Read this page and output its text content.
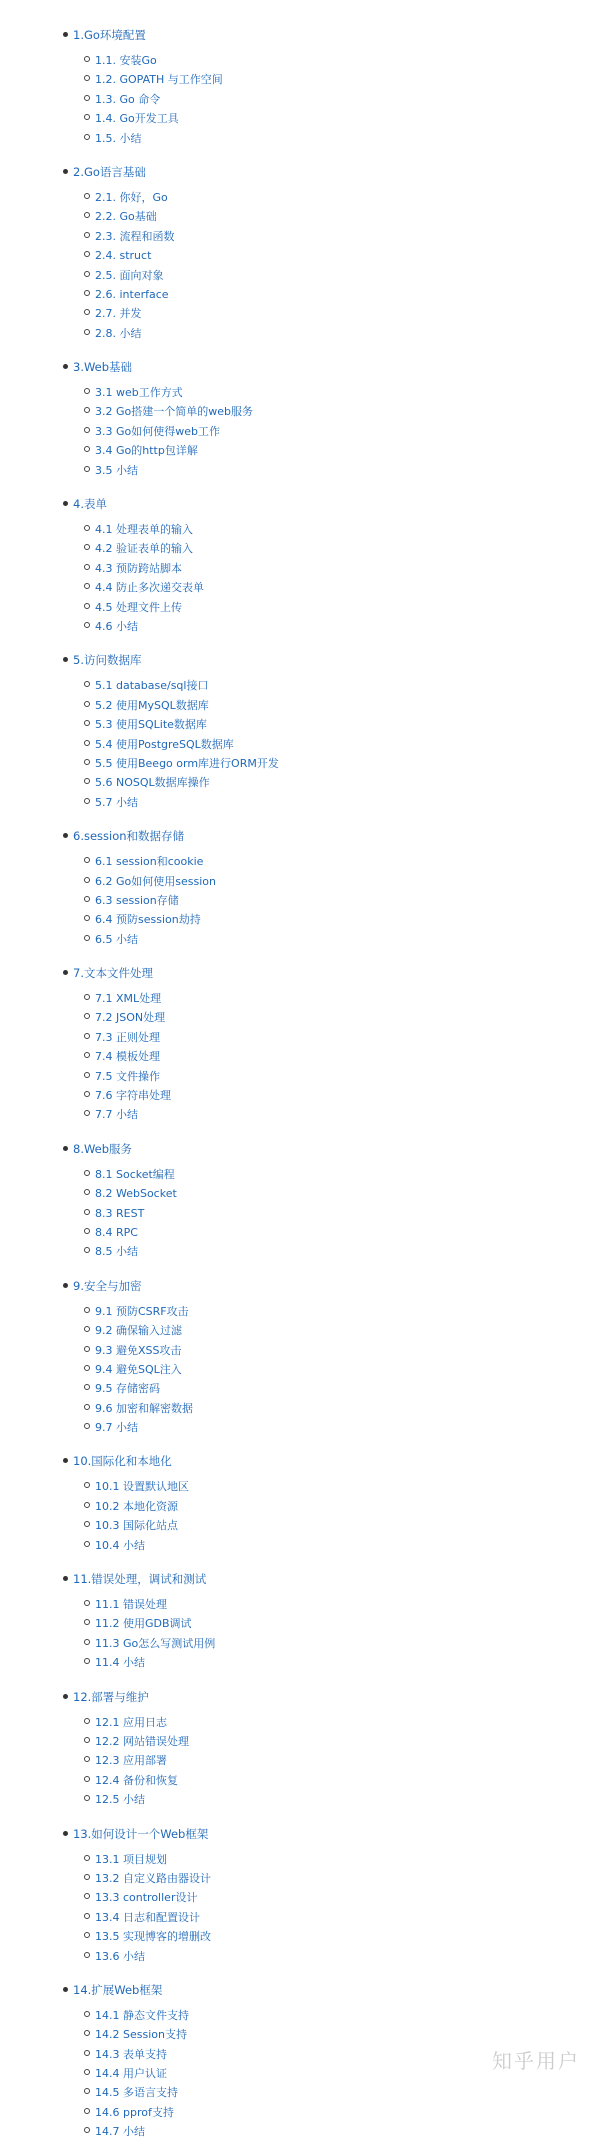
1.Go环境配置
1.1. 安装Go
1.2. GOPATH 与工作空间
1.3. Go 命令
1.4. Go开发工具
1.5. 小结
2.Go语言基础
2.1. 你好，Go
2.2. Go基础
2.3. 流程和函数
2.4. struct
2.5. 面向对象
2.6. interface
2.7. 并发
2.8. 小结
3.Web基础
3.1 web工作方式
3.2 Go搭建一个简单的web服务
3.3 Go如何使得web工作
3.4 Go的http包详解
3.5 小结
4.表单
4.1 处理表单的输入
4.2 验证表单的输入
4.3 预防跨站脚本
4.4 防止多次递交表单
4.5 处理文件上传
4.6 小结
5.访问数据库
5.1 database/sql接口
5.2 使用MySQL数据库
5.3 使用SQLite数据库
5.4 使用PostgreSQL数据库
5.5 使用Beego orm库进行ORM开发
5.6 NOSQL数据库操作
5.7 小结
6.session和数据存储
6.1 session和cookie
6.2 Go如何使用session
6.3 session存储
6.4 预防session劫持
6.5 小结
7.文本文件处理
7.1 XML处理
7.2 JSON处理
7.3 正则处理
7.4 模板处理
7.5 文件操作
7.6 字符串处理
7.7 小结
8.Web服务
8.1 Socket编程
8.2 WebSocket
8.3 REST
8.4 RPC
8.5 小结
9.安全与加密
9.1 预防CSRF攻击
9.2 确保输入过滤
9.3 避免XSS攻击
9.4 避免SQL注入
9.5 存储密码
9.6 加密和解密数据
9.7 小结
10.国际化和本地化
10.1 设置默认地区
10.2 本地化资源
10.3 国际化站点
10.4 小结
11.错误处理，调试和测试
11.1 错误处理
11.2 使用GDB调试
11.3 Go怎么写测试用例
11.4 小结
12.部署与维护
12.1 应用日志
12.2 网站错误处理
12.3 应用部署
12.4 备份和恢复
12.5 小结
13.如何设计一个Web框架
13.1 项目规划
13.2 自定义路由器设计
13.3 controller设计
13.4 日志和配置设计
13.5 实现博客的增删改
13.6 小结
14.扩展Web框架
14.1 静态文件支持
14.2 Session支持
14.3 表单支持
14.4 用户认证
14.5 多语言支持
14.6 pprof支持
14.7 小结
知乎用户
